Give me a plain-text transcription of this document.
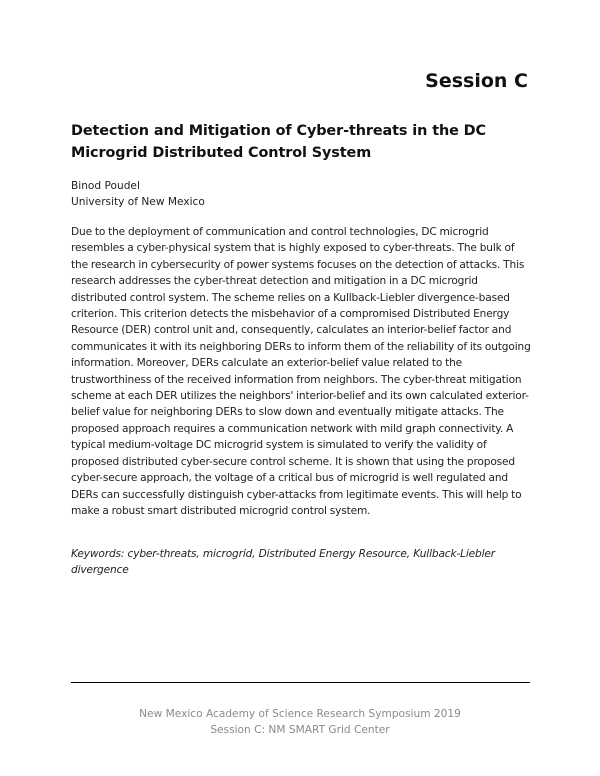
Session C
Detection and Mitigation of Cyber-threats in the DC Microgrid Distributed Control System
Binod Poudel
University of New Mexico

Due to the deployment of communication and control technologies, DC microgrid resembles a cyber-physical system that is highly exposed to cyber-threats. The bulk of the research in cybersecurity of power systems focuses on the detection of attacks. This research addresses the cyber-threat detection and mitigation in a DC microgrid distributed control system. The scheme relies on a Kullback-Liebler divergence-based criterion. This criterion detects the misbehavior of a compromised Distributed Energy Resource (DER) control unit and, consequently, calculates an interior-belief factor and communicates it with its neighboring DERs to inform them of the reliability of its outgoing information. Moreover, DERs calculate an exterior-belief value related to the trustworthiness of the received information from neighbors. The cyber-threat mitigation scheme at each DER utilizes the neighbors' interior-belief and its own calculated exterior-belief value for neighboring DERs to slow down and eventually mitigate attacks. The proposed approach requires a communication network with mild graph connectivity. A typical medium-voltage DC microgrid system is simulated to verify the validity of proposed distributed cyber-secure control scheme. It is shown that using the proposed cyber-secure approach, the voltage of a critical bus of microgrid is well regulated and DERs can successfully distinguish cyber-attacks from legitimate events. This will help to make a robust smart distributed microgrid control system.

Keywords: cyber-threats, microgrid, Distributed Energy Resource, Kullback-Liebler divergence

New Mexico Academy of Science Research Symposium 2019
Session C: NM SMART Grid Center
